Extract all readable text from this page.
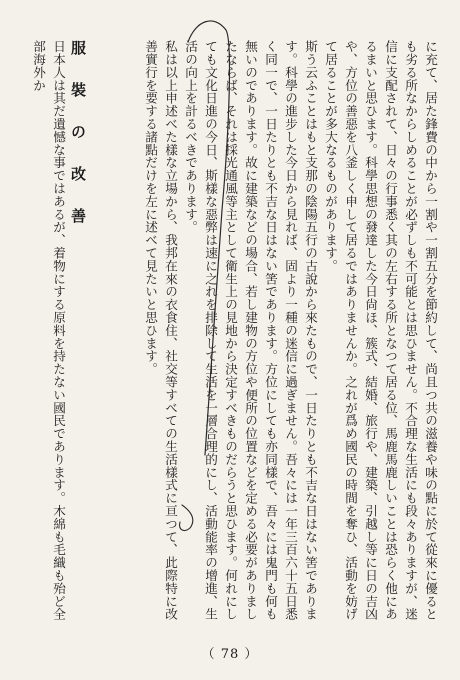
に充て、居た鋒費の中から一割や一割五分を節約して、尚且つ共の滋養や味の點に於て從來に優るとも劣る所なからしめることが必ずしも不可能とは思ひません。不合理な生活にも段々ありますが、迷信に支配されて、日々の行事悉く其の左右する所となつて居る位、馬鹿馬鹿しいことは恐らく他にあるまいと思ひます。科學思想の發達した今日尙ほ、簇式、結婚、旅行や、建築、引越し等に日の吉凶や、方位の善惡を八釜しく申して居るではありませんか。之れが爲め國民の時間を奪ひ、活動を妨げて居ることが多大なるものがあります。

斯う云ふことはもと支那の陰陽五行の古說から來たもので、一日たりとも不吉な日はない筈であります。科學の進步した今日から見れば、固より一種の迷信に過ぎません。吾々には一年三百六十五日悉く同一で、一日たりとも不吉な日はない筈であります。方位にしても亦同樣で、吾々には鬼門も何も無いのであります。故に建築などの場合、若し建物の方位や便所の位置などを定める必要がありましたならば、それは採光通風等主として衛生上の見地から決定すべきものだらうと思ひます。何れにしても文化日進の今日、斯樣な惡弊は速に之れを排除して生活を一層合理的にし、活動能率の增進、生活の向上を計るべきであります。

私は以上申述べた樣な立場から、我邦在來の衣食住、社交等すべての生活樣式に亘つて、此際特に改善實行を要する諸點だけを左に述べて見たいと思ひます。

服　裝　の　改　善

日本人は其だ遺憾な事ではあるが、着物にする原料を持たない國民であります。木綿も毛織も殆ど全部海外か

（ 78 ）
